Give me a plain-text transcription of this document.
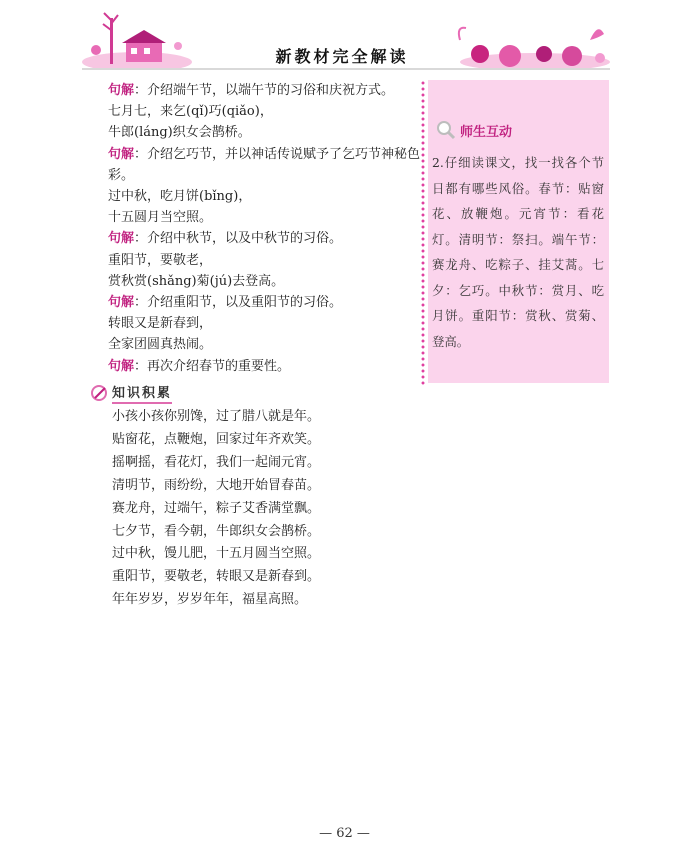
新教材完全解读
句解：介绍端午节，以端午节的习俗和庆祝方式。
七月七，来乞(qǐ)巧(qiǎo)，
牛郎(láng)织女会鹊桥。
句解：介绍乞巧节，并以神话传说赋予了乞巧节神秘色彩。
过中秋，吃月饼(bǐng)，
十五圆月当空照。
句解：介绍中秋节，以及中秋节的习俗。
重阳节，要敬老，
赏秋赏(shǎng)菊(jú)去登高。
句解：介绍重阳节，以及重阳节的习俗。
转眼又是新春到，
全家团圆真热闹。
句解：再次介绍春节的重要性。
师生互动
2.仔细读课文，找一找各个节日都有哪些风俗。春节：贴窗花、放鞭炮。元宵节：看花灯。清明节：祭扫。端午节：赛龙舟、吃粽子、挂艾蒿。七夕：乞巧。中秋节：赏月、吃月饼。重阳节：赏秋、赏菊、登高。
知识积累
小孩小孩你别馋，过了腊八就是年。
贴窗花，点鞭炮，回家过年齐欢笑。
摇啊摇，看花灯，我们一起闹元宵。
清明节，雨纷纷，大地开始冒春苗。
赛龙舟，过端午，粽子艾香满堂飘。
七夕节，看今朝，牛郎织女会鹊桥。
过中秋，馒儿肥，十五月圆当空照。
重阳节，要敬老，转眼又是新春到。
年年岁岁，岁岁年年，福星高照。
— 62 —
